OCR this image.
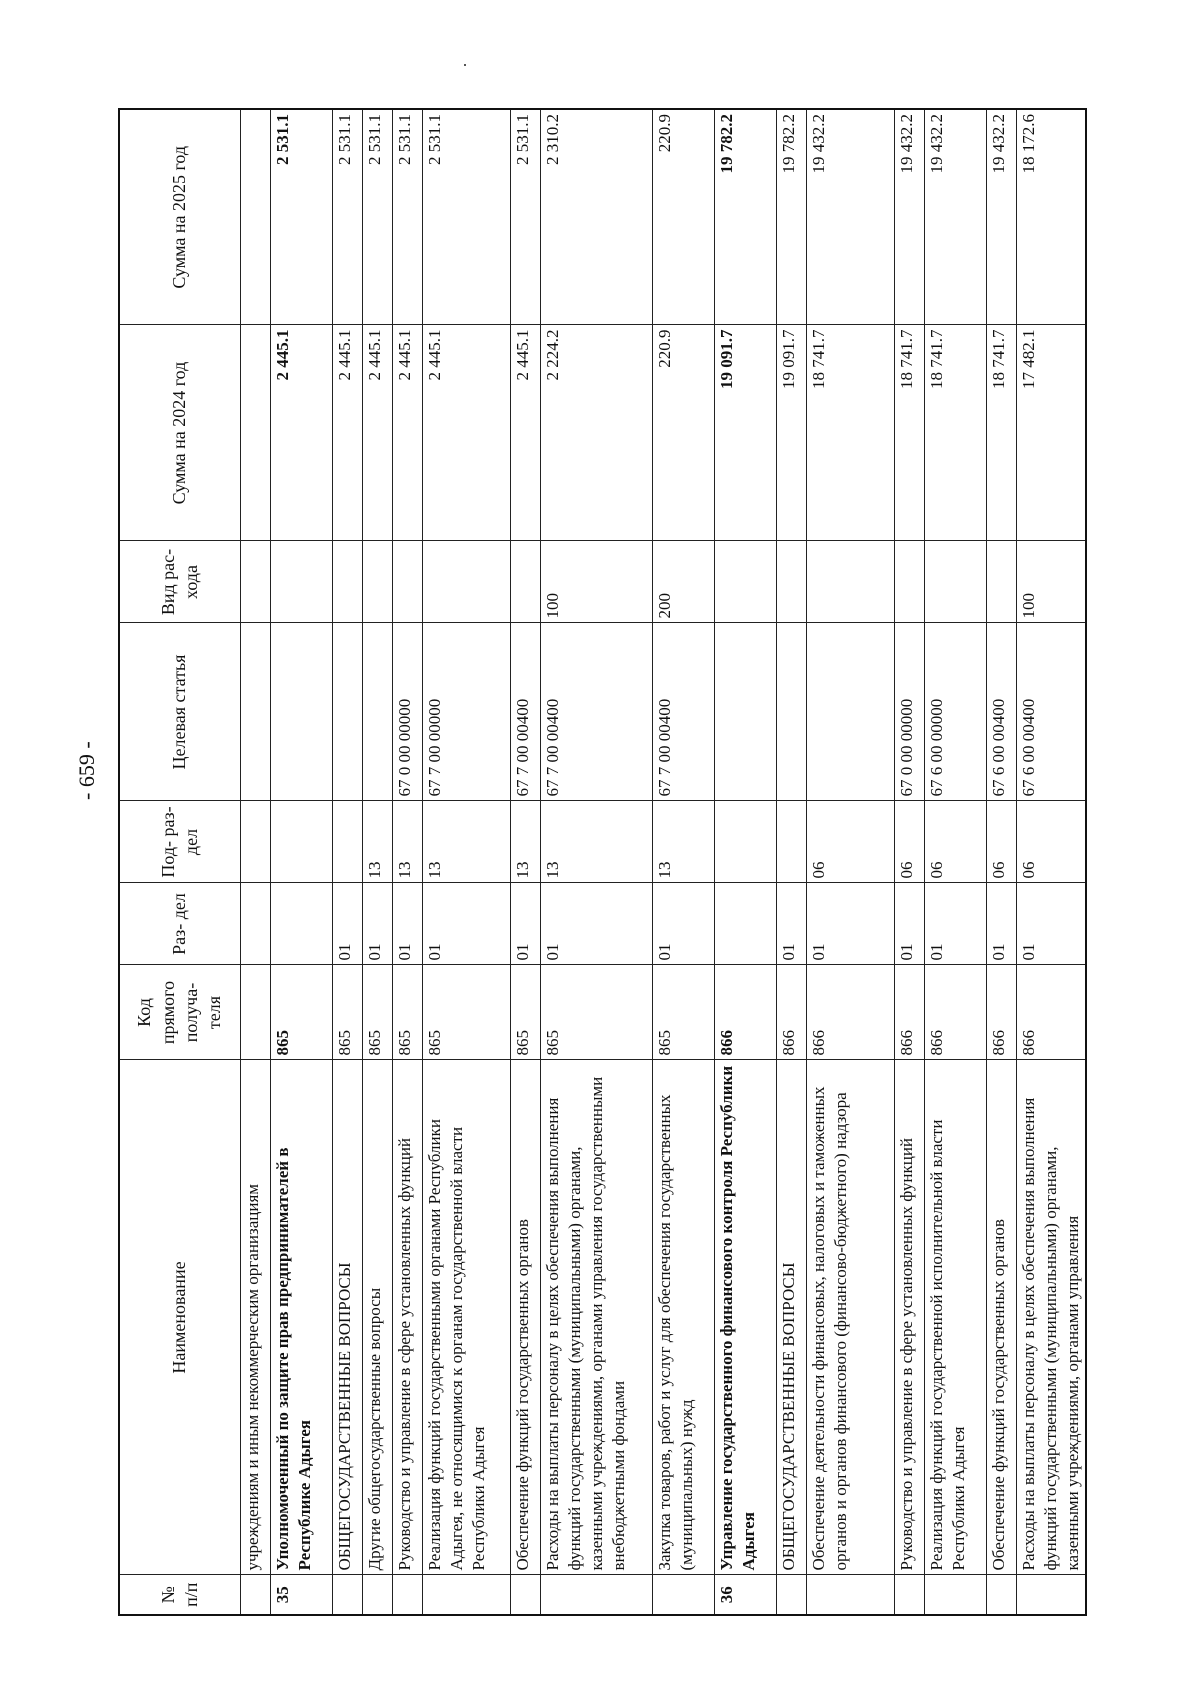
- 659 -
№ п/п	Наименование	Код прямого получа- теля	Раз- дел	Под- раз- дел	Целевая статья	Вид рас- хода	Сумма на 2024 год	Сумма на 2025 год
	учреждениям и иным некоммерческим организациям							
35	Уполномоченный по защите прав предпринимателей в Республике Адыгея	865					2 445.1	2 531.1
	ОБЩЕГОСУДАРСТВЕННЫЕ ВОПРОСЫ	865	01				2 445.1	2 531.1
	Другие общегосударственные вопросы	865	01	13			2 445.1	2 531.1
	Руководство и управление в сфере установленных функций	865	01	13	67 0 00 00000		2 445.1	2 531.1
	Реализация функций государственными органами Республики Адыгея, не относящимися к органам государственной власти Республики Адыгея	865	01	13	67 7 00 00000		2 445.1	2 531.1
	Обеспечение функций государственных органов	865	01	13	67 7 00 00400		2 445.1	2 531.1
	Расходы на выплаты персоналу в целях обеспечения выполнения функций государственными (муниципальными) органами, казенными учреждениями, органами управления государственными внебюджетными фондами	865	01	13	67 7 00 00400	100	2 224.2	2 310.2
	Закупка товаров, работ и услуг для обеспечения государственных (муниципальных) нужд	865	01	13	67 7 00 00400	200	220.9	220.9
36	Управление государственного финансового контроля Республики Адыгея	866					19 091.7	19 782.2
	ОБЩЕГОСУДАРСТВЕННЫЕ ВОПРОСЫ	866	01				19 091.7	19 782.2
	Обеспечение деятельности финансовых, налоговых и таможенных органов и органов финансового (финансово-бюджетного) надзора	866	01	06			18 741.7	19 432.2
	Руководство и управление в сфере установленных функций	866	01	06	67 0 00 00000		18 741.7	19 432.2
	Реализация функций государственной исполнительной власти Республики Адыгея	866	01	06	67 6 00 00000		18 741.7	19 432.2
	Обеспечение функций государственных органов	866	01	06	67 6 00 00400		18 741.7	19 432.2
	Расходы на выплаты персоналу в целях обеспечения выполнения функций государственными (муниципальными) органами, казенными учреждениями, органами управления	866	01	06	67 6 00 00400	100	17 482.1	18 172.6
